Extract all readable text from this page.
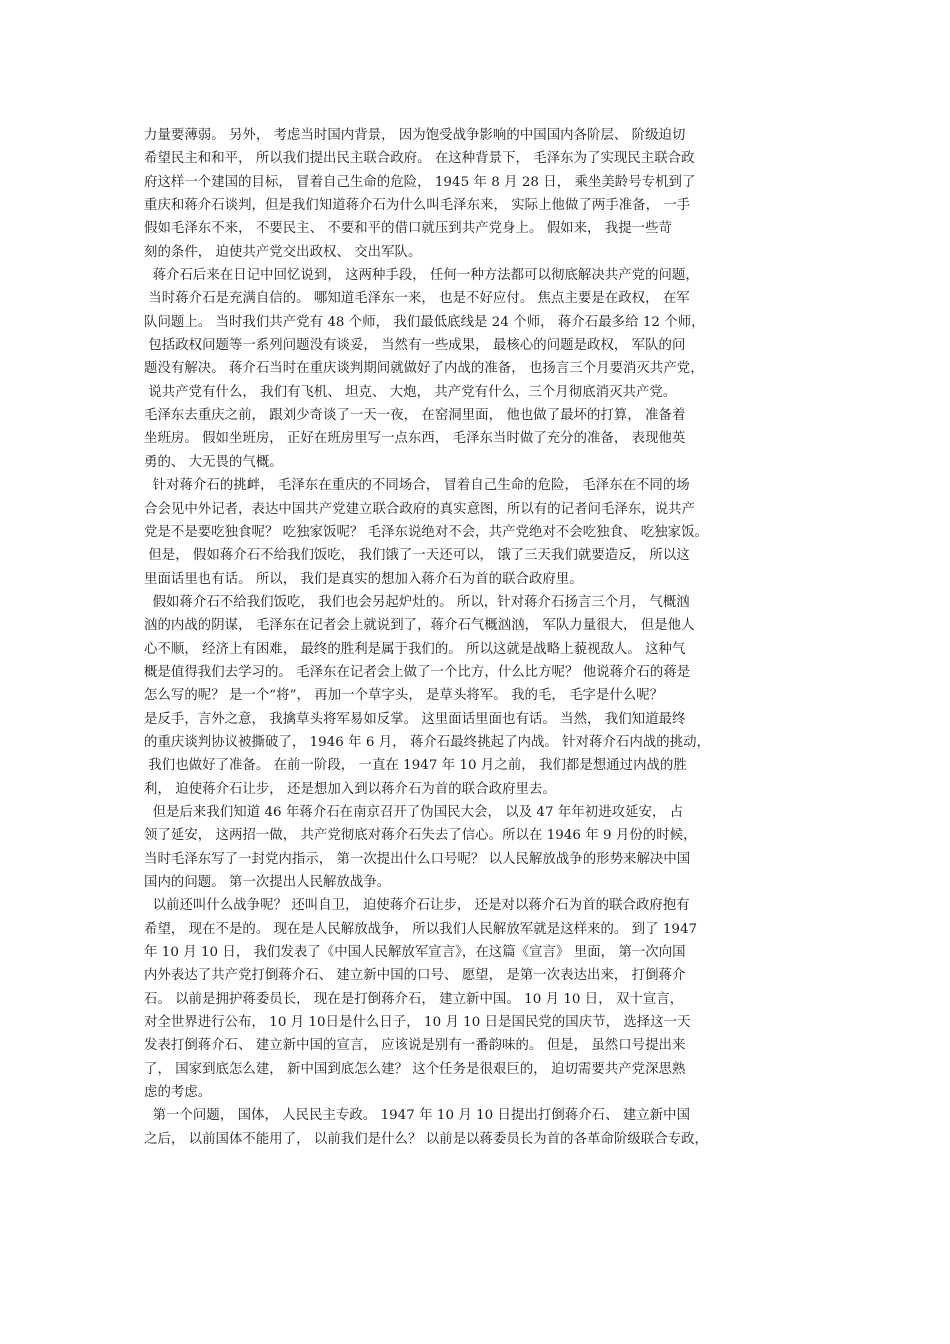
力量要薄弱。 另外， 考虑当时国内背景， 因为饱受战争影响的中国国内各阶层、 阶级迫切
希望民主和和平， 所以我们提出民主联合政府。 在这种背景下， 毛泽东为了实现民主联合政
府这样一个建国的目标， 冒着自己生命的危险， 1945 年 8 月 28 日， 乘坐美龄号专机到了
重庆和蒋介石谈判，但是我们知道蒋介石为什么叫毛泽东来， 实际上他做了两手准备， 一手
假如毛泽东不来， 不要民主、 不要和平的借口就压到共产党身上。 假如来， 我提一些苛
刻的条件， 迫使共产党交出政权、 交出军队。
蒋介石后来在日记中回忆说到， 这两种手段， 任何一种方法都可以彻底解决共产党的问题，
当时蒋介石是充满自信的。 哪知道毛泽东一来， 也是不好应付。 焦点主要是在政权， 在军
队问题上。 当时我们共产党有 48 个师， 我们最低底线是 24 个师， 蒋介石最多给 12 个师，
包括政权问题等一系列问题没有谈妥， 当然有一些成果， 最核心的问题是政权， 军队的问
题没有解决。 蒋介石当时在重庆谈判期间就做好了内战的准备， 也扬言三个月要消灭共产党，
说共产党有什么， 我们有飞机、 坦克、 大炮， 共产党有什么，三个月彻底消灭共产党。
毛泽东去重庆之前， 跟刘少奇谈了一天一夜， 在窑洞里面， 他也做了最坏的打算， 准备着
坐班房。 假如坐班房， 正好在班房里写一点东西， 毛泽东当时做了充分的准备， 表现他英
勇的、 大无畏的气概。
针对蒋介石的挑衅， 毛泽东在重庆的不同场合， 冒着自己生命的危险， 毛泽东在不同的场
合会见中外记者，表达中国共产党建立联合政府的真实意图，所以有的记者问毛泽东，说共产
党是不是要吃独食呢？ 吃独家饭呢？ 毛泽东说绝对不会，共产党绝对不会吃独食、 吃独家饭。
但是， 假如蒋介石不给我们饭吃， 我们饿了一天还可以， 饿了三天我们就要造反， 所以这
里面话里也有话。 所以， 我们是真实的想加入蒋介石为首的联合政府里。
假如蒋介石不给我们饭吃， 我们也会另起炉灶的。 所以，针对蒋介石扬言三个月， 气概汹
汹的内战的阴谋， 毛泽东在记者会上就说到了，蒋介石气概汹汹， 军队力量很大， 但是他人
心不顺， 经济上有困难， 最终的胜利是属于我们的。 所以这就是战略上藐视敌人。 这种气
概是值得我们去学习的。 毛泽东在记者会上做了一个比方，什么比方呢？ 他说蒋介石的蒋是
怎么写的呢？ 是一个“将”， 再加一个草字头， 是草头将军。 我的毛， 毛字是什么呢？
是反手，言外之意， 我擒草头将军易如反掌。 这里面话里面也有话。 当然， 我们知道最终
的重庆谈判协议被撕破了， 1946 年 6 月， 蒋介石最终挑起了内战。 针对蒋介石内战的挑动，
我们也做好了准备。 在前一阶段， 一直在 1947 年 10 月之前， 我们都是想通过内战的胜
利， 迫使蒋介石让步， 还是想加入到以蒋介石为首的联合政府里去。
但是后来我们知道 46 年蒋介石在南京召开了伪国民大会， 以及 47 年年初进攻延安， 占
领了延安， 这两招一做， 共产党彻底对蒋介石失去了信心。所以在 1946 年 9 月份的时候，
当时毛泽东写了一封党内指示， 第一次提出什么口号呢？ 以人民解放战争的形势来解决中国
国内的问题。 第一次提出人民解放战争。
以前还叫什么战争呢？ 还叫自卫， 迫使蒋介石让步， 还是对以蒋介石为首的联合政府抱有
希望， 现在不是的。 现在是人民解放战争， 所以我们人民解放军就是这样来的。 到了 1947
年 10 月 10 日， 我们发表了《中国人民解放军宣言》，在这篇《宣言》 里面， 第一次向国
内外表达了共产党打倒蒋介石、 建立新中国的口号、 愿望， 是第一次表达出来， 打倒蒋介
石。 以前是拥护蒋委员长， 现在是打倒蒋介石， 建立新中国。 10 月 10 日， 双十宣言，
对全世界进行公布， 10 月 10日是什么日子， 10 月 10 日是国民党的国庆节， 选择这一天
发表打倒蒋介石、 建立新中国的宣言， 应该说是别有一番韵味的。 但是， 虽然口号提出来
了， 国家到底怎么建， 新中国到底怎么建？ 这个任务是很艰巨的， 迫切需要共产党深思熟
虑的考虑。
第一个问题， 国体， 人民民主专政。 1947 年 10 月 10 日提出打倒蒋介石、 建立新中国
之后， 以前国体不能用了， 以前我们是什么？ 以前是以蒋委员长为首的各革命阶级联合专政，
